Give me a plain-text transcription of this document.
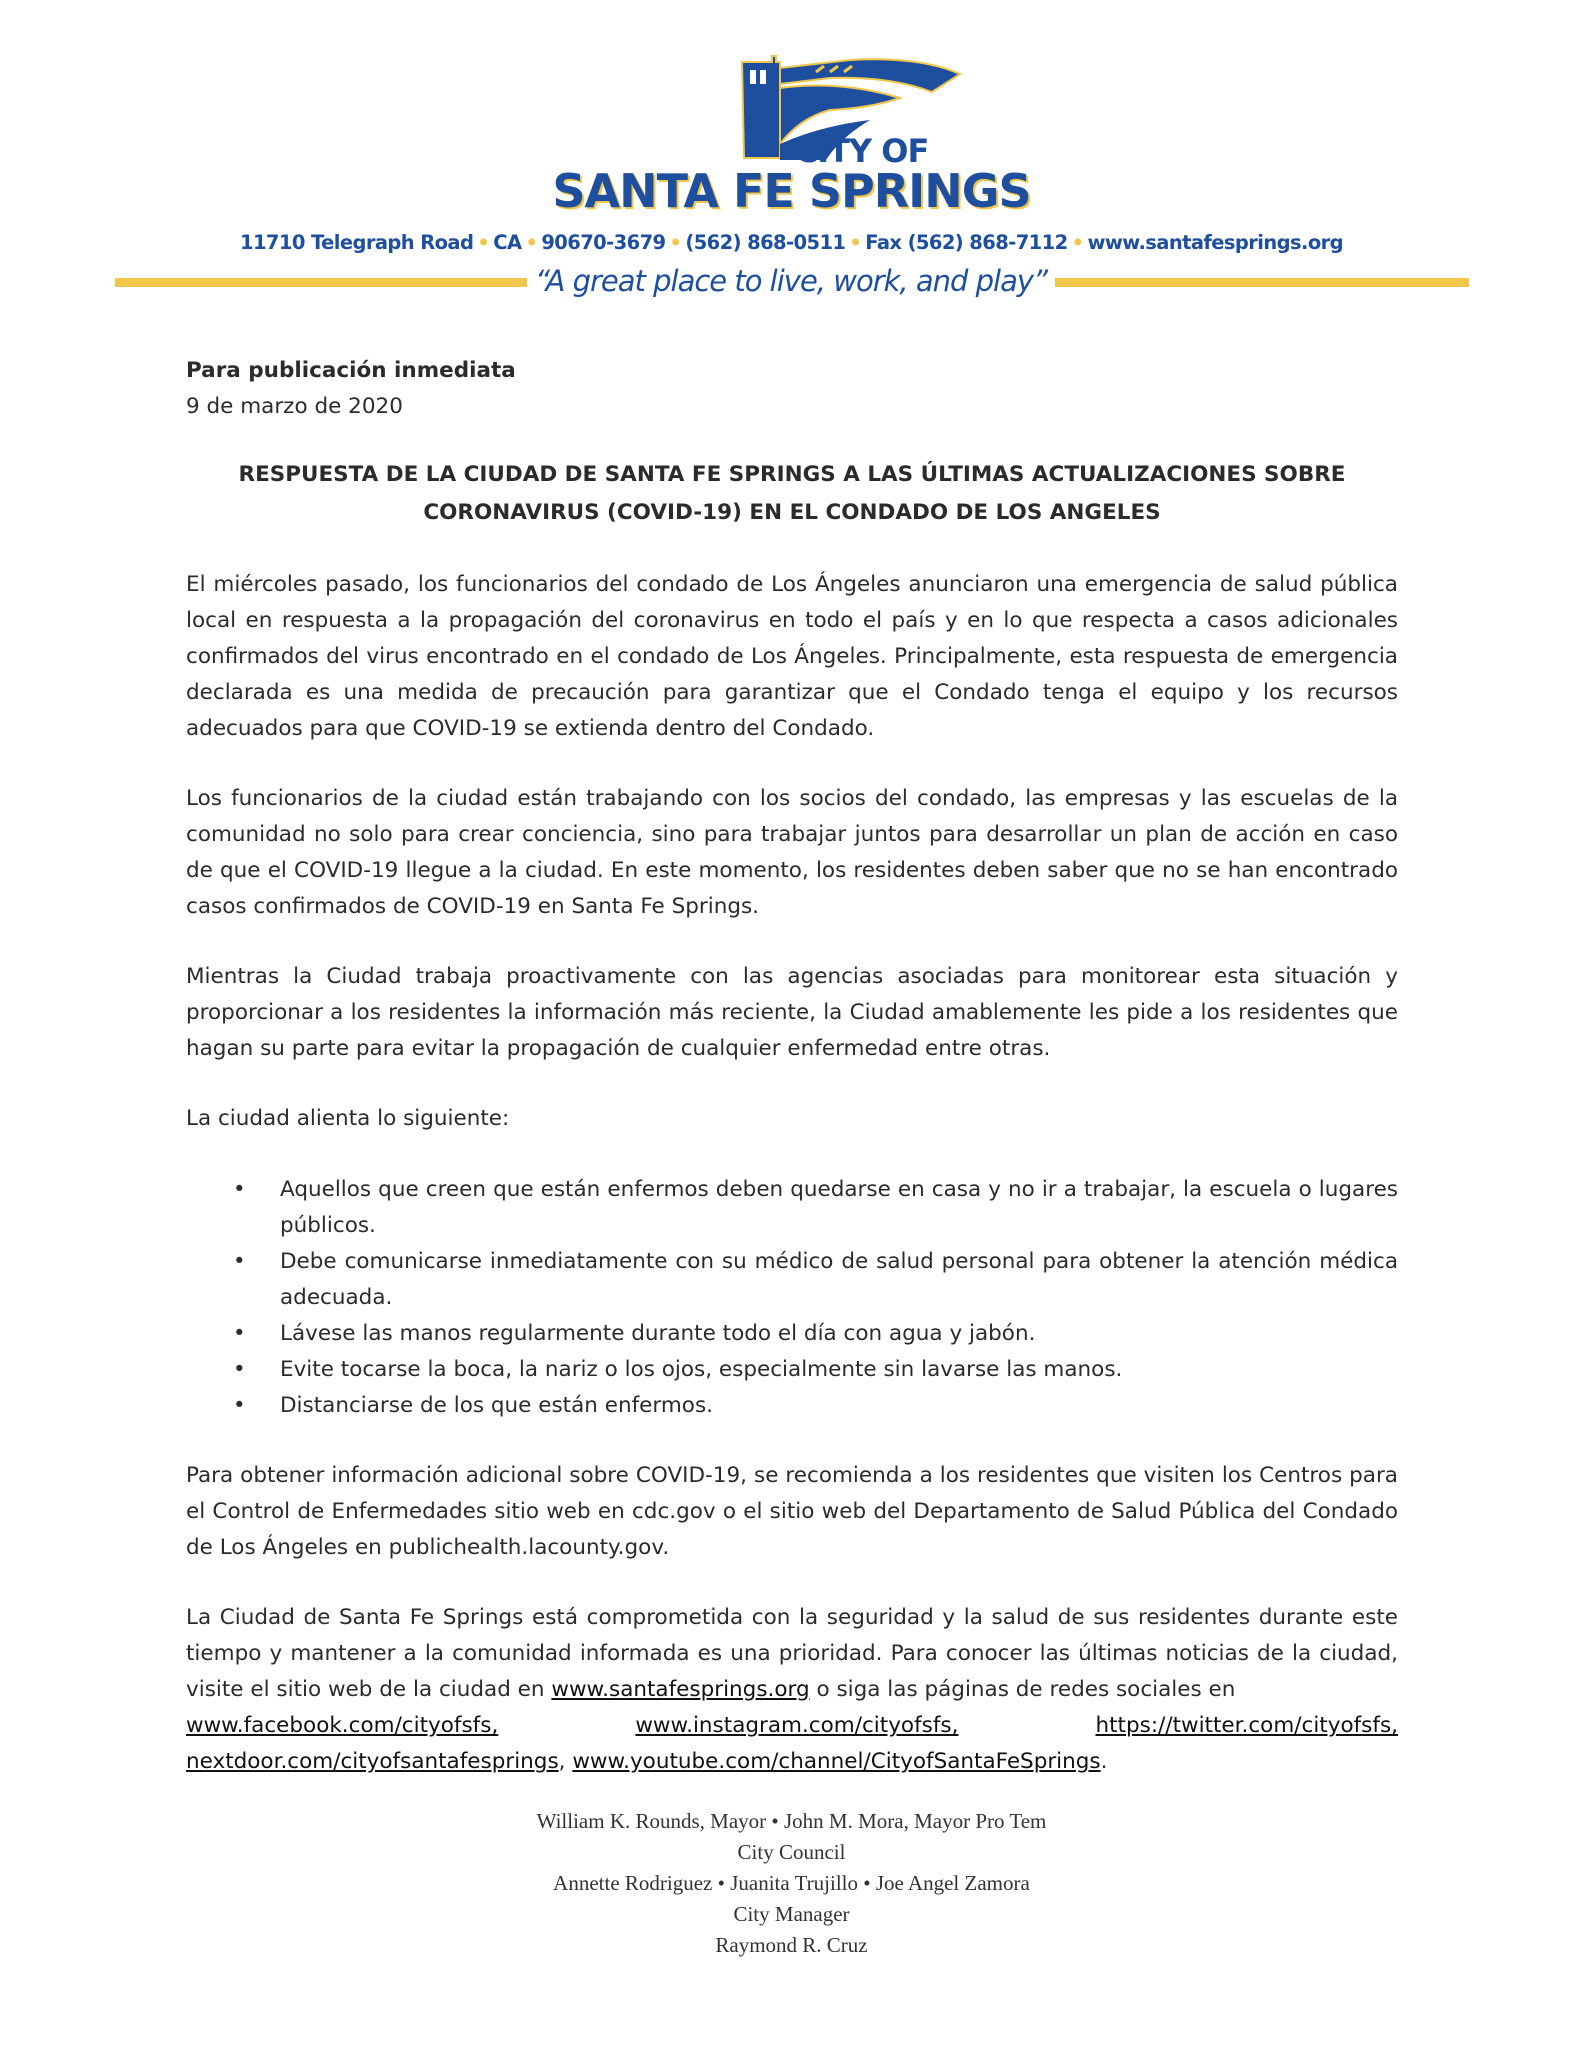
CITY OF
SANTA FE SPRINGS
11710 Telegraph Road • CA • 90670-3679 • (562) 868-0511 • Fax (562) 868-7112 • www.santafesprings.org
“A great place to live, work, and play”

Para publicación inmediata

9 de marzo de 2020

RESPUESTA DE LA CIUDAD DE SANTA FE SPRINGS A LAS ÚLTIMAS ACTUALIZACIONES SOBRE
CORONAVIRUS (COVID-19) EN EL CONDADO DE LOS ANGELES

El miércoles pasado, los funcionarios del condado de Los Ángeles anunciaron una emergencia de salud pública local en respuesta a la propagación del coronavirus en todo el país y en lo que respecta a casos adicionales confirmados del virus encontrado en el condado de Los Ángeles. Principalmente, esta respuesta de emergencia declarada es una medida de precaución para garantizar que el Condado tenga el equipo y los recursos adecuados para que COVID-19 se extienda dentro del Condado.

Los funcionarios de la ciudad están trabajando con los socios del condado, las empresas y las escuelas de la comunidad no solo para crear conciencia, sino para trabajar juntos para desarrollar un plan de acción en caso de que el COVID-19 llegue a la ciudad. En este momento, los residentes deben saber que no se han encontrado casos confirmados de COVID-19 en Santa Fe Springs.

Mientras la Ciudad trabaja proactivamente con las agencias asociadas para monitorear esta situación y proporcionar a los residentes la información más reciente, la Ciudad amablemente les pide a los residentes que hagan su parte para evitar la propagación de cualquier enfermedad entre otras.

La ciudad alienta lo siguiente:

• Aquellos que creen que están enfermos deben quedarse en casa y no ir a trabajar, la escuela o lugares públicos.
• Debe comunicarse inmediatamente con su médico de salud personal para obtener la atención médica adecuada.
• Lávese las manos regularmente durante todo el día con agua y jabón.
• Evite tocarse la boca, la nariz o los ojos, especialmente sin lavarse las manos.
• Distanciarse de los que están enfermos.

Para obtener información adicional sobre COVID-19, se recomienda a los residentes que visiten los Centros para el Control de Enfermedades sitio web en cdc.gov o el sitio web del Departamento de Salud Pública del Condado de Los Ángeles en publichealth.lacounty.gov.

La Ciudad de Santa Fe Springs está comprometida con la seguridad y la salud de sus residentes durante este tiempo y mantener a la comunidad informada es una prioridad. Para conocer las últimas noticias de la ciudad, visite el sitio web de la ciudad en www.santafesprings.org o siga las páginas de redes sociales en
www.facebook.com/cityofsfs,	www.instagram.com/cityofsfs,	https://twitter.com/cityofsfs,
nextdoor.com/cityofsantafesprings, www.youtube.com/channel/CityofSantaFeSprings.
William K. Rounds, Mayor • John M. Mora, Mayor Pro Tem
City Council
Annette Rodriguez • Juanita Trujillo • Joe Angel Zamora
City Manager
Raymond R. Cruz
